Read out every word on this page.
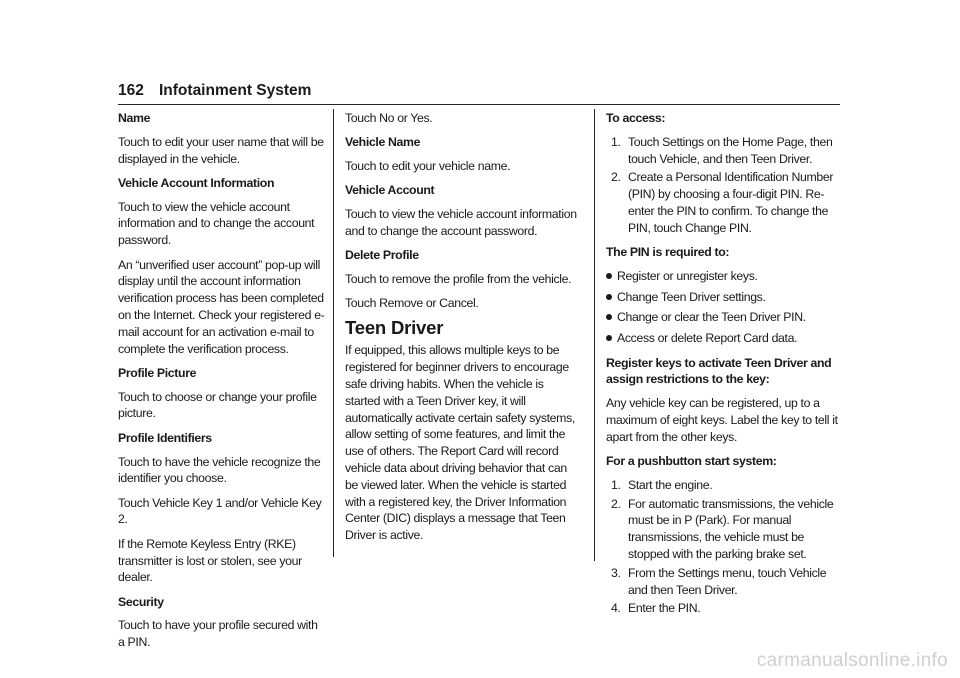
162 Infotainment System

Name

Touch to edit your user name that will be displayed in the vehicle.

Vehicle Account Information

Touch to view the vehicle account information and to change the account password.

An “unverified user account” pop-up will display until the account information verification process has been completed on the Internet. Check your registered e-mail account for an activation e-mail to complete the verification process.

Profile Picture

Touch to choose or change your profile picture.

Profile Identifiers

Touch to have the vehicle recognize the identifier you choose.

Touch Vehicle Key 1 and/or Vehicle Key 2.

If the Remote Keyless Entry (RKE) transmitter is lost or stolen, see your dealer.

Security

Touch to have your profile secured with a PIN.

Touch No or Yes.

Vehicle Name

Touch to edit your vehicle name.

Vehicle Account

Touch to view the vehicle account information and to change the account password.

Delete Profile

Touch to remove the profile from the vehicle.

Touch Remove or Cancel.

Teen Driver

If equipped, this allows multiple keys to be registered for beginner drivers to encourage safe driving habits. When the vehicle is started with a Teen Driver key, it will automatically activate certain safety systems, allow setting of some features, and limit the use of others. The Report Card will record vehicle data about driving behavior that can be viewed later. When the vehicle is started with a registered key, the Driver Information Center (DIC) displays a message that Teen Driver is active.

To access:

1. Touch Settings on the Home Page, then touch Vehicle, and then Teen Driver.
2. Create a Personal Identification Number (PIN) by choosing a four-digit PIN. Re-enter the PIN to confirm. To change the PIN, touch Change PIN.

The PIN is required to:

Register or unregister keys.
Change Teen Driver settings.
Change or clear the Teen Driver PIN.
Access or delete Report Card data.

Register keys to activate Teen Driver and assign restrictions to the key:

Any vehicle key can be registered, up to a maximum of eight keys. Label the key to tell it apart from the other keys.

For a pushbutton start system:

1. Start the engine.
2. For automatic transmissions, the vehicle must be in P (Park). For manual transmissions, the vehicle must be stopped with the parking brake set.
3. From the Settings menu, touch Vehicle and then Teen Driver.
4. Enter the PIN.
carmanualsonline.info
